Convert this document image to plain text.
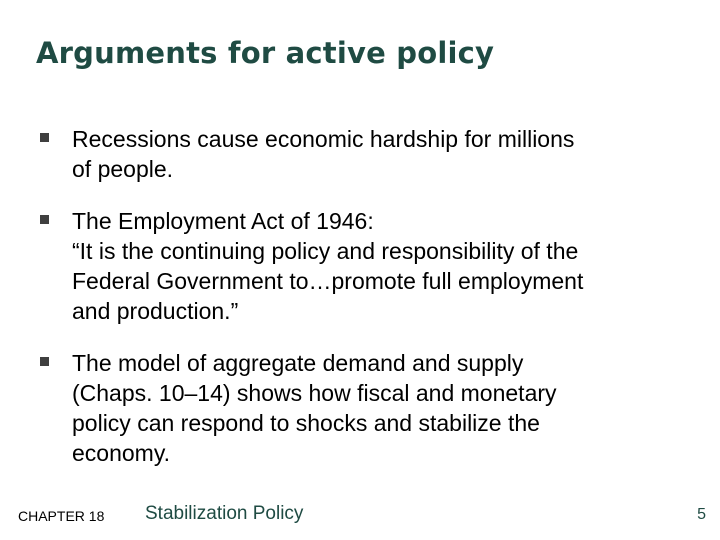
Arguments for active policy
Recessions cause economic hardship for millions
of people.
The Employment Act of 1946:
“It is the continuing policy and responsibility of the
Federal Government to…promote full employment
and production.”
The model of aggregate demand and supply
(Chaps. 10–14) shows how fiscal and monetary
policy can respond to shocks and stabilize the
economy.
CHAPTER 18 Stabilization Policy	5
